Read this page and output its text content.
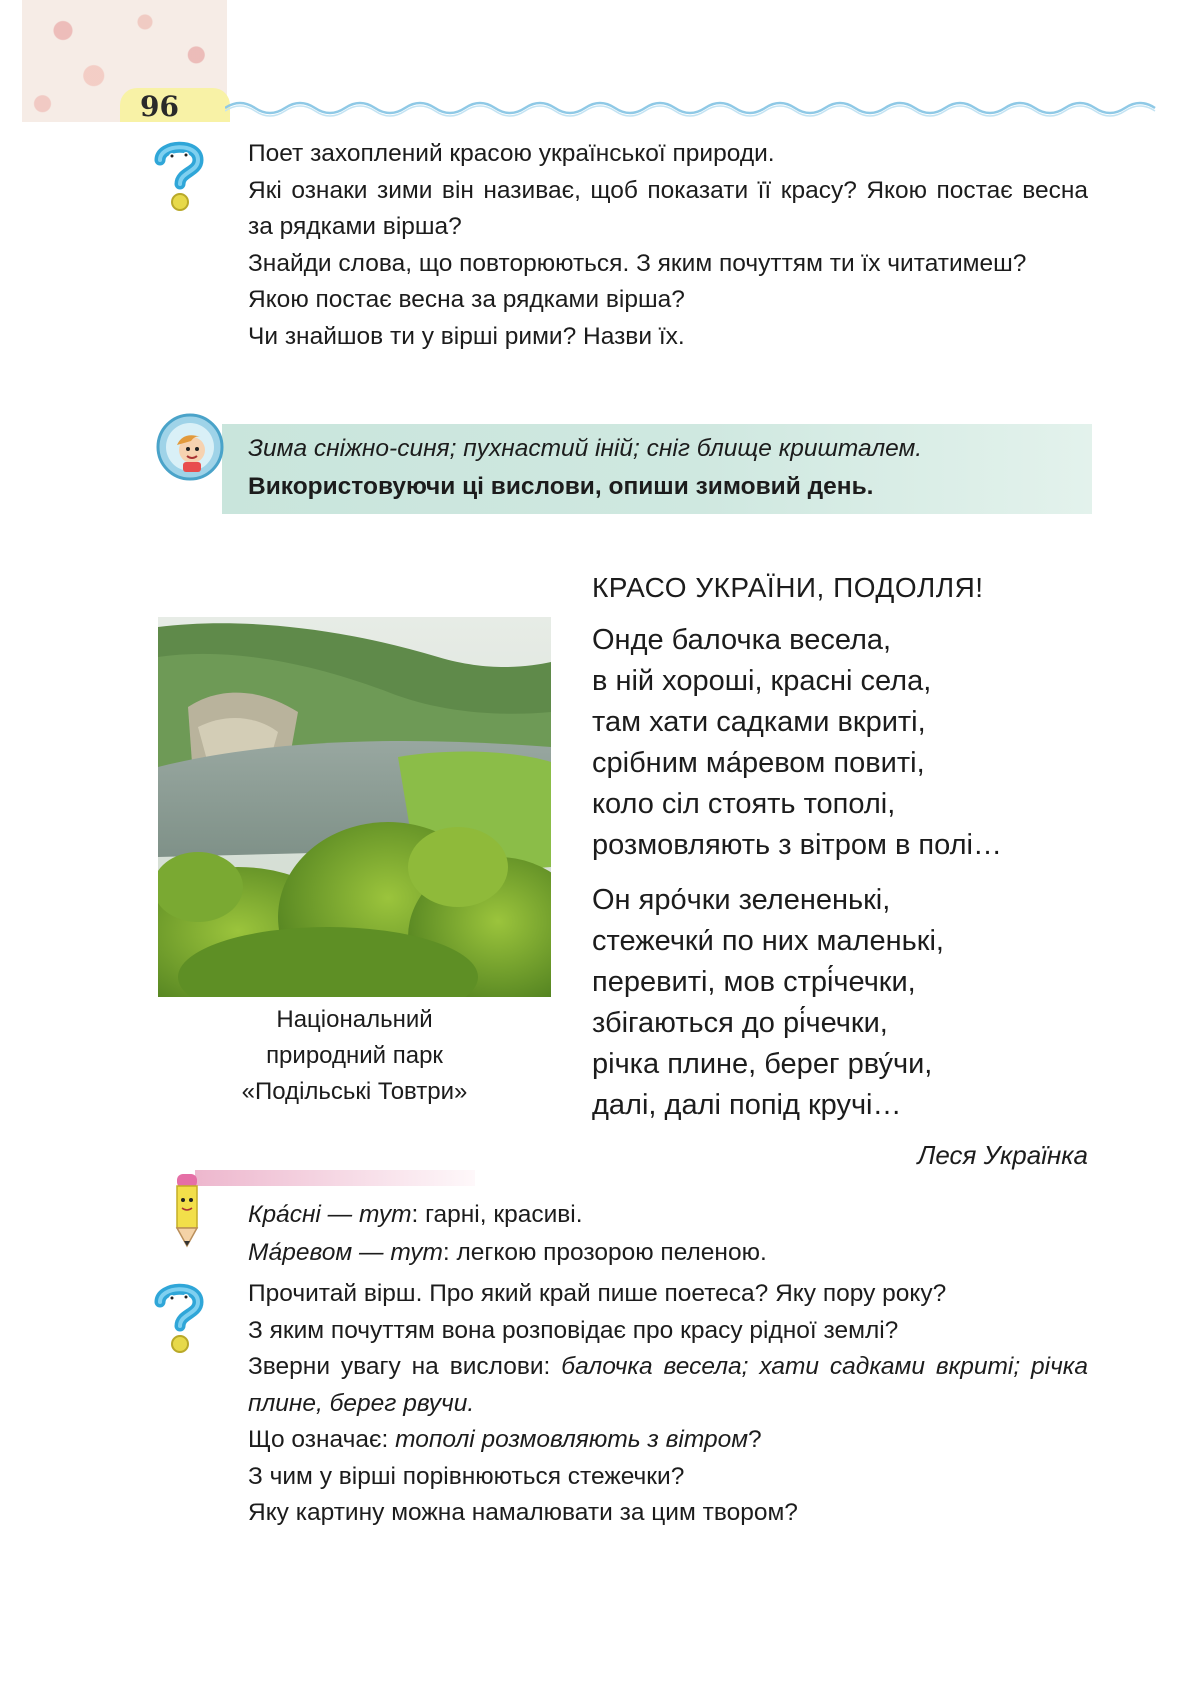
96

Поет захоплений красою української природи.

Які ознаки зими він називає, щоб показати її красу? Якою постає весна за рядками вірша?

Знайди слова, що повторюються. З яким почуттям ти їх читатимеш?

Якою постає весна за рядками вірша?

Чи знайшов ти у вірші рими? Назви їх.

Зима сніжно-синя; пухнастий іній; сніг блище кришталем.
Використовуючи ці вислови, опиши зимовий день.
Національний
природний парк
«Подільські Товтри»
КРАСО УКРАЇНИ, ПОДОЛЛЯ!

Онде балочка весела,

в ній хороші, красні села,

там хати садками вкриті,

срібним ма́ревом повиті,

коло сіл стоять тополі,

розмовляють з вітром в полі…

Он яро́чки зелененькі,

стежечки́ по них маленькі,

перевиті, мов стрі́чечки,

збігаються до рі́чечки,

річка плине, берег рву́чи,

далі, далі попід кручі…

Леся Українка

Кра́сні — тут: гарні, красиві.

Ма́ревом — тут: легкою прозорою пеленою.

Прочитай вірш. Про який край пише поетеса? Яку пору року?

З яким почуттям вона розповідає про красу рідної землі?

Зверни увагу на вислови: балочка весела; хати садками вкриті; річка плине, берег рвучи.

Що означає: тополі розмовляють з вітром?

З чим у вірші порівнюються стежечки?

Яку картину можна намалювати за цим твором?
